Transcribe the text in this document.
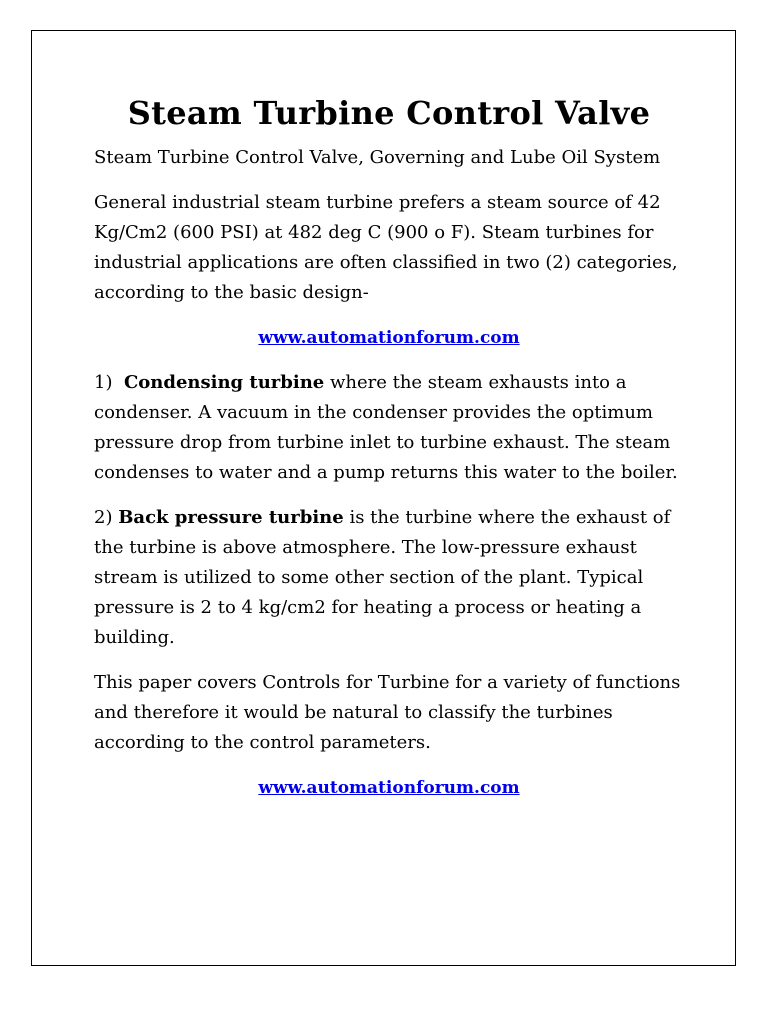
Steam Turbine Control Valve

Steam Turbine Control Valve, Governing and Lube Oil System

General industrial steam turbine prefers a steam source of 42 Kg/Cm2 (600 PSI) at 482 deg C (900 o F). Steam turbines for industrial applications are often classified in two (2) categories, according to the basic design-

www.automationforum.com

1) Condensing turbine where the steam exhausts into a condenser. A vacuum in the condenser provides the optimum pressure drop from turbine inlet to turbine exhaust. The steam condenses to water and a pump returns this water to the boiler.

2) Back pressure turbine is the turbine where the exhaust of the turbine is above atmosphere. The low-pressure exhaust stream is utilized to some other section of the plant. Typical pressure is 2 to 4 kg/cm2 for heating a process or heating a building.

This paper covers Controls for Turbine for a variety of functions and therefore it would be natural to classify the turbines according to the control parameters.

www.automationforum.com
